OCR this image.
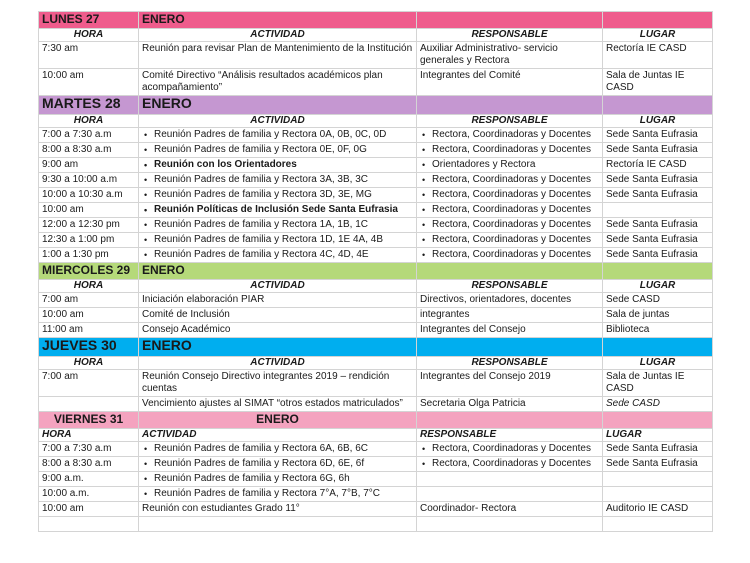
LUNES 27	ENERO		
HORA	ACTIVIDAD	RESPONSABLE	LUGAR
7:30 am	Reunión para revisar Plan de Mantenimiento de la Institución	Auxiliar Administrativo- servicio generales y Rectora	Rectoría IE CASD
10:00 am	Comité Directivo “Análisis resultados académicos plan acompañamiento”	Integrantes del Comité	Sala de Juntas IE CASD
MARTES 28	ENERO		
HORA	ACTIVIDAD	RESPONSABLE	LUGAR
7:00 a 7:30 a.m	• Reunión Padres de familia y Rectora 0A, 0B, 0C, 0D	• Rectora, Coordinadoras y Docentes	Sede Santa Eufrasia
8:00 a 8:30 a.m	• Reunión Padres de familia y Rectora 0E, 0F, 0G	• Rectora, Coordinadoras y Docentes	Sede Santa Eufrasia
9:00 am	• Reunión con los Orientadores	• Orientadores y Rectora	Rectoría IE CASD
9:30 a 10:00 a.m	• Reunión Padres de familia y Rectora 3A, 3B, 3C	• Rectora, Coordinadoras y Docentes	Sede Santa Eufrasia
10:00 a 10:30 a.m	• Reunión Padres de familia y Rectora 3D, 3E, MG	• Rectora, Coordinadoras y Docentes	Sede Santa Eufrasia
10:00 am	• Reunión Políticas de Inclusión Sede Santa Eufrasia	• Rectora, Coordinadoras y Docentes

12:00 a 12:30 pm	• Reunión Padres de familia y Rectora 1A, 1B, 1C	• Rectora, Coordinadoras y Docentes	Sede Santa Eufrasia
12:30 a 1:00 pm	• Reunión Padres de familia y Rectora 1D, 1E 4A, 4B	• Rectora, Coordinadoras y Docentes	Sede Santa Eufrasia
1:00 a 1:30 pm	• Reunión Padres de familia y Rectora 4C, 4D, 4E	• Rectora, Coordinadoras y Docentes	Sede Santa Eufrasia
MIERCOLES 29	ENERO		
HORA	ACTIVIDAD	RESPONSABLE	LUGAR
7:00 am	Iniciación elaboración PIAR	Directivos, orientadores, docentes	Sede CASD
10:00 am	Comité de Inclusión	integrantes	Sala de juntas
11:00 am	Consejo Académico	Integrantes del Consejo	Biblioteca
JUEVES 30	ENERO		
HORA	ACTIVIDAD	RESPONSABLE	LUGAR
7:00 am	Reunión Consejo Directivo integrantes 2019 – rendición cuentas	Integrantes del Consejo 2019	Sala de Juntas IE CASD
	Vencimiento ajustes al SIMAT “otros estados matriculados”	Secretaria Olga Patricia	Sede CASD
VIERNES 31	ENERO		
HORA	ACTIVIDAD	RESPONSABLE	LUGAR
7:00 a 7:30 a.m	• Reunión Padres de familia y Rectora 6A, 6B, 6C	• Rectora, Coordinadoras y Docentes	Sede Santa Eufrasia
8:00 a 8:30 a.m	• Reunión Padres de familia y Rectora 6D, 6E, 6f	• Rectora, Coordinadoras y Docentes	Sede Santa Eufrasia
9:00 a.m.	• Reunión Padres de familia y Rectora 6G, 6h

10:00 a.m.	• Reunión Padres de familia y Rectora 7°A, 7°B, 7°C

10:00 am	Reunión con estudiantes Grado 11°	Coordinador- Rectora	Auditorio IE CASD
